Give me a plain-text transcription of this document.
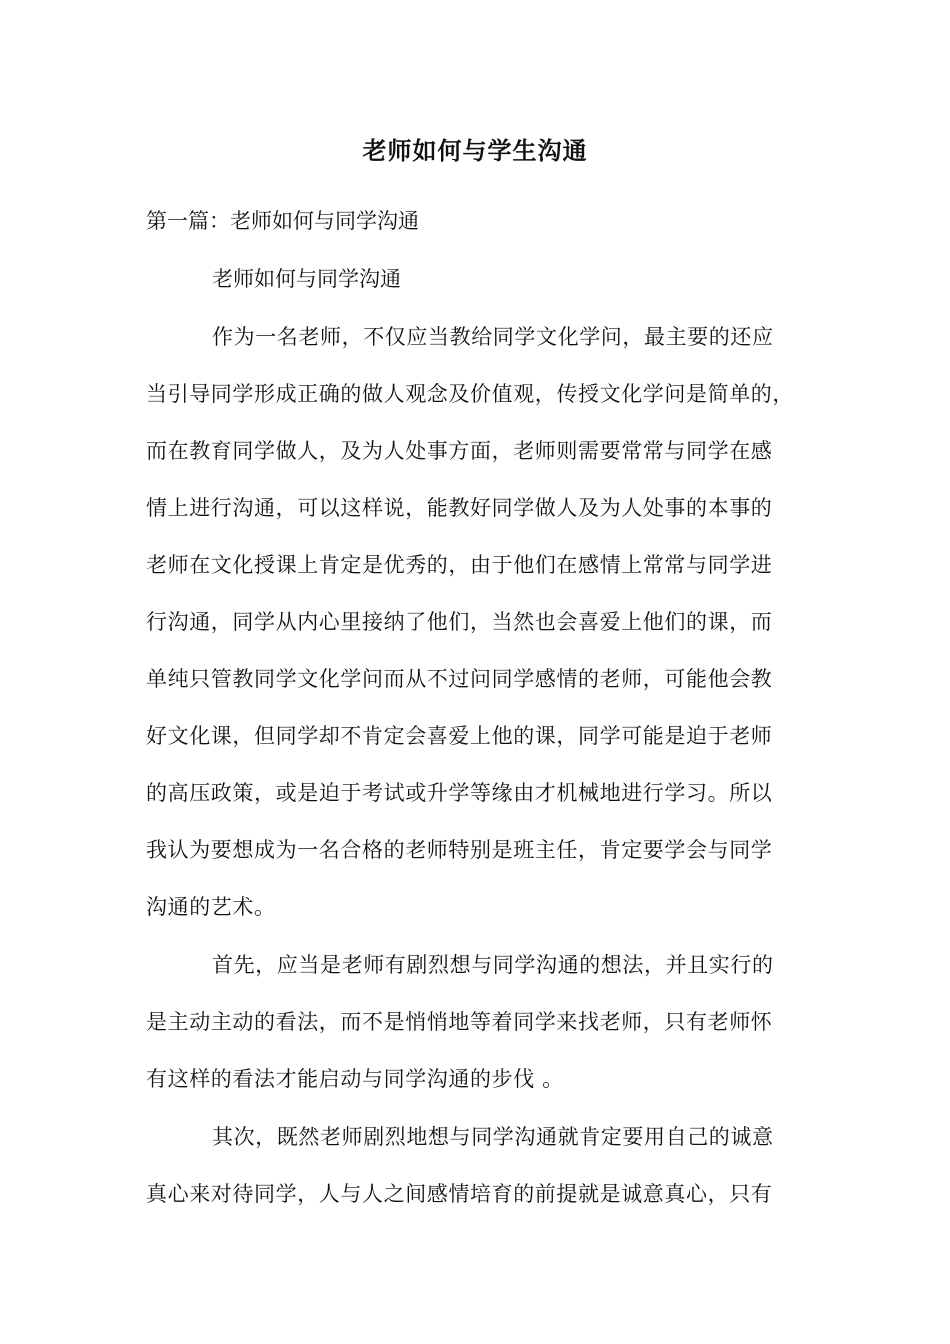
老师如何与学生沟通
第一篇：老师如何与同学沟通
老师如何与同学沟通
作为一名老师，不仅应当教给同学文化学问，最主要的还应
当引导同学形成正确的做人观念及价值观，传授文化学问是简单的，
而在教育同学做人，及为人处事方面，老师则需要常常与同学在感
情上进行沟通，可以这样说，能教好同学做人及为人处事的本事的
老师在文化授课上肯定是优秀的，由于他们在感情上常常与同学进
行沟通，同学从内心里接纳了他们，当然也会喜爱上他们的课，而
单纯只管教同学文化学问而从不过问同学感情的老师，可能他会教
好文化课，但同学却不肯定会喜爱上他的课，同学可能是迫于老师
的高压政策，或是迫于考试或升学等缘由才机械地进行学习。所以
我认为要想成为一名合格的老师特别是班主任，肯定要学会与同学
沟通的艺术。
首先，应当是老师有剧烈想与同学沟通的想法，并且实行的
是主动主动的看法，而不是悄悄地等着同学来找老师，只有老师怀
有这样的看法才能启动与同学沟通的步伐 。
其次，既然老师剧烈地想与同学沟通就肯定要用自己的诚意
真心来对待同学，人与人之间感情培育的前提就是诚意真心，只有
